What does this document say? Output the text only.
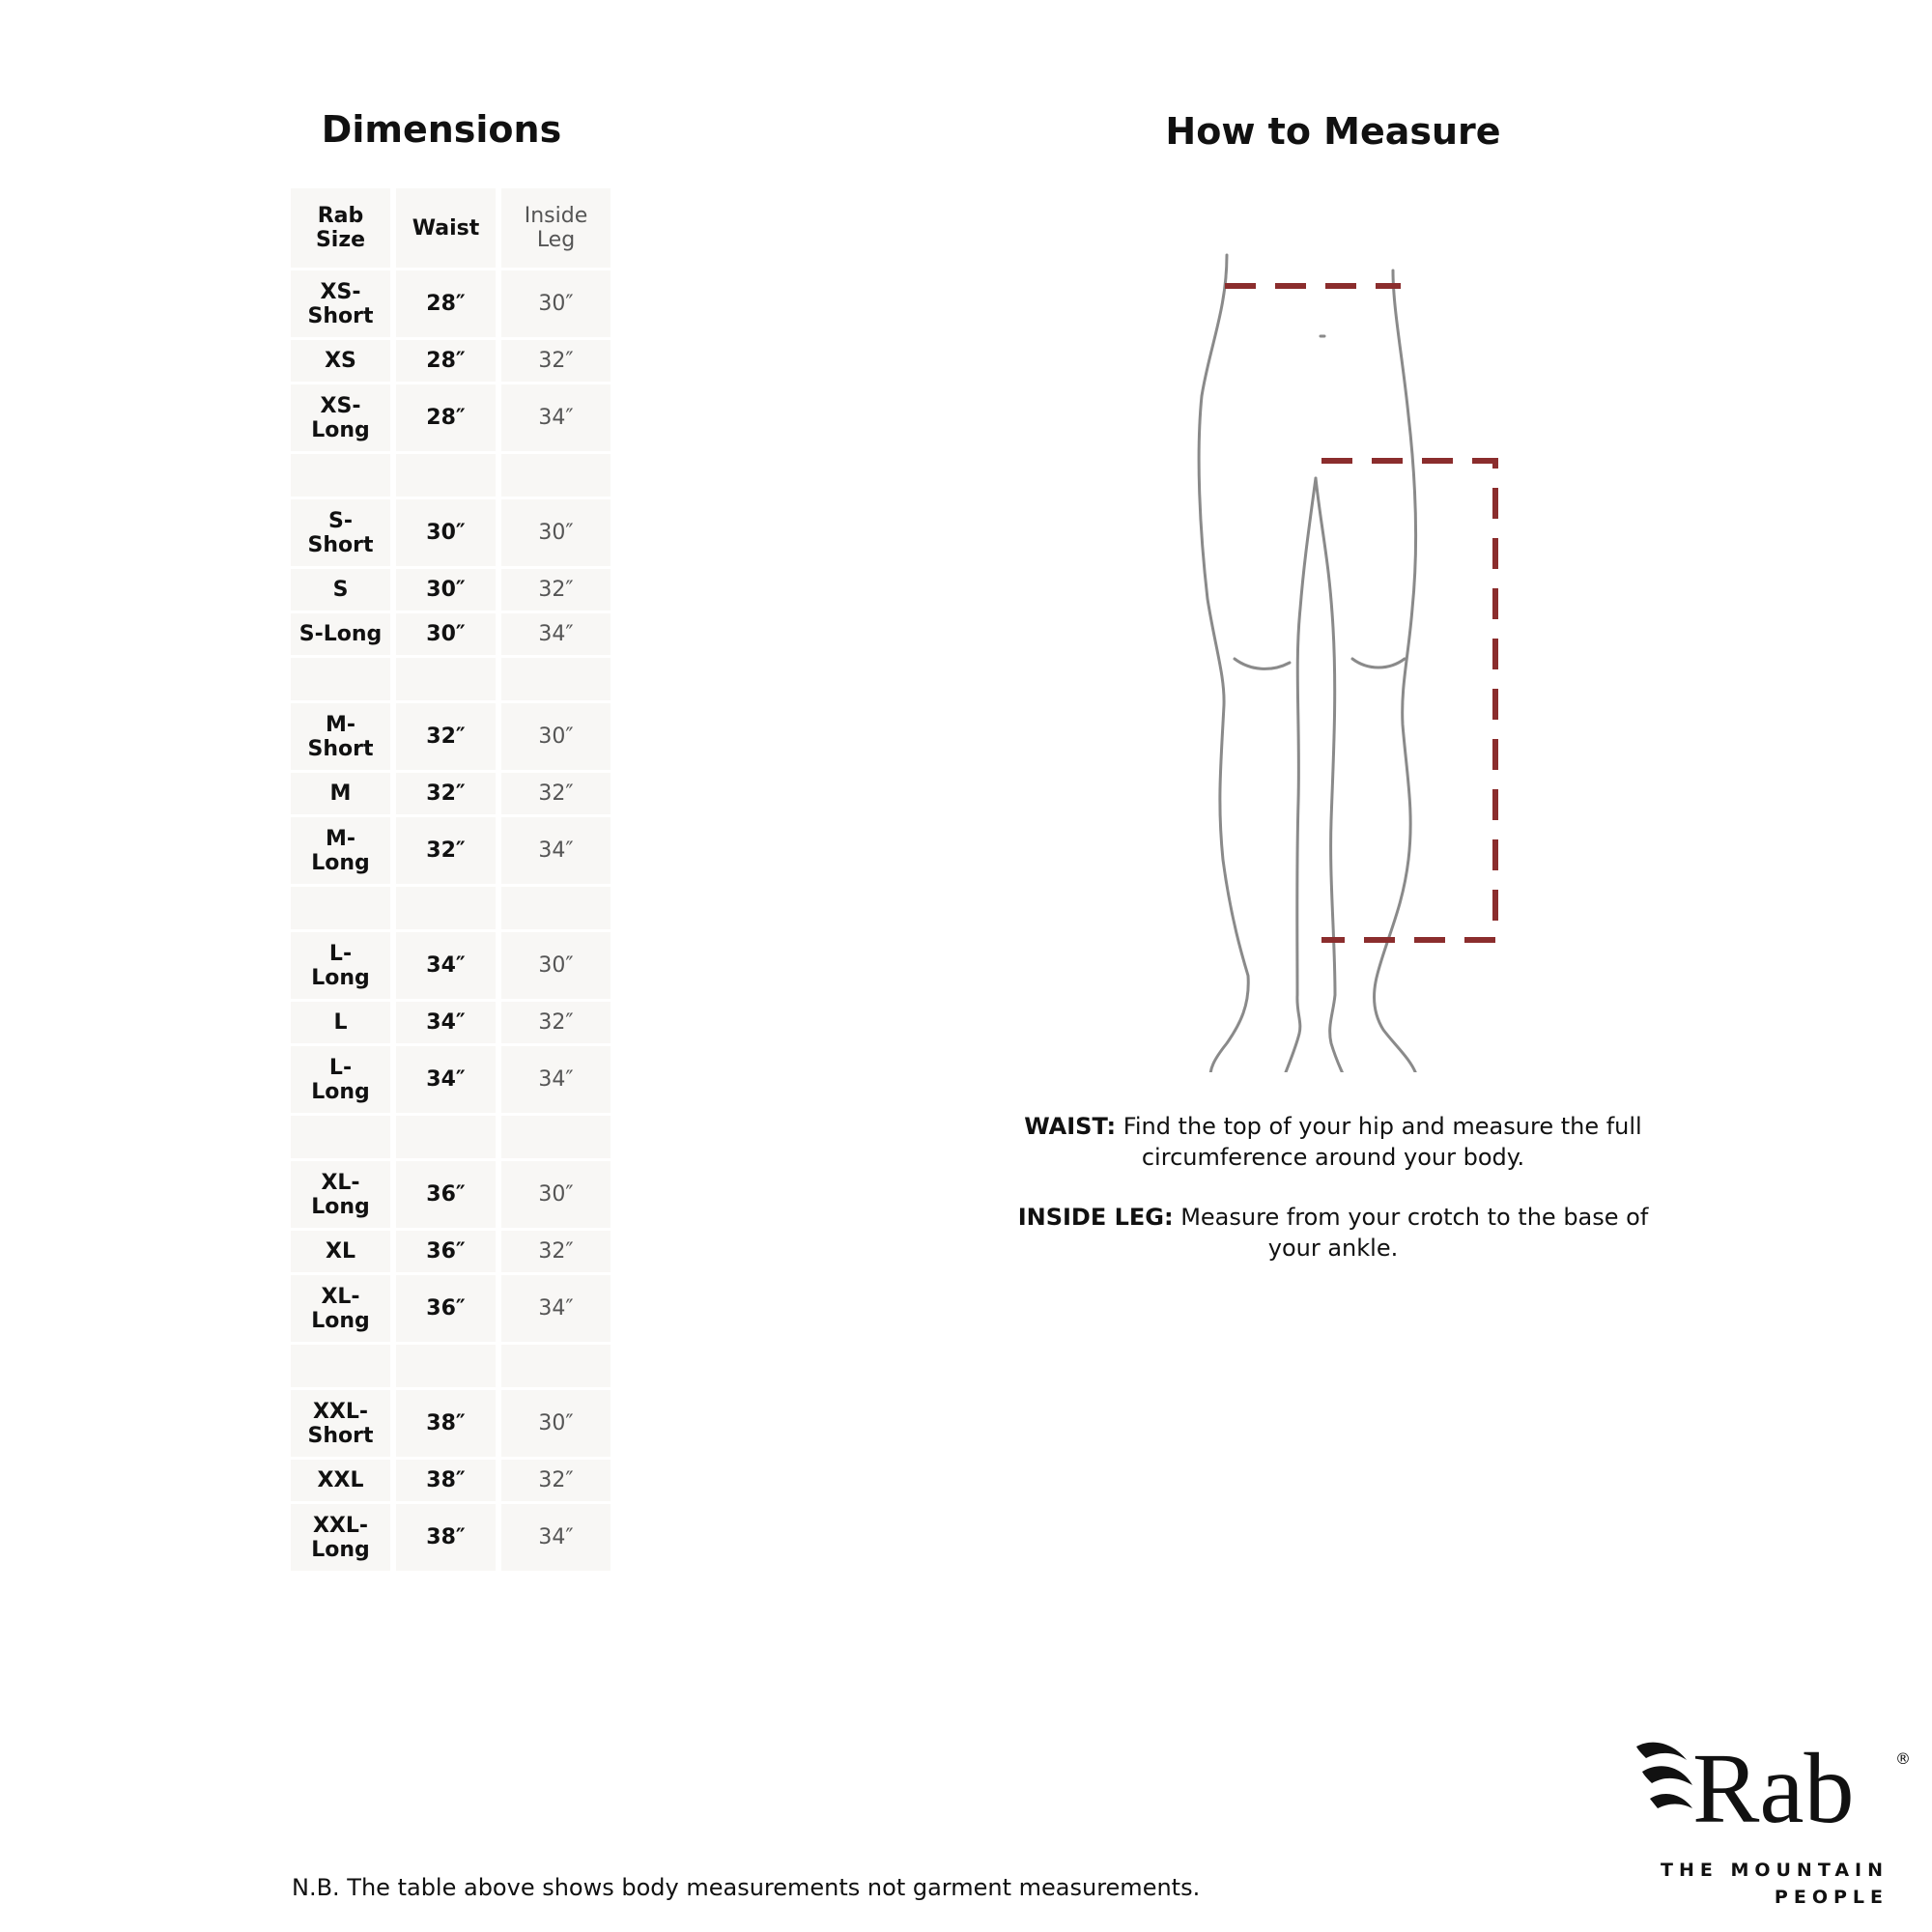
Dimensions	How to Measure
Rab
Size	Waist	Inside
Leg
XS-
Short	28″	30″
XS	28″	32″
XS-
Long	28″	34″

S-
Short	30″	30″
S	30″	32″
S-Long	30″	34″

M-
Short	32″	30″
M	32″	32″
M-
Long	32″	34″

L-
Long	34″	30″
L	34″	32″
L-
Long	34″	34″

XL-
Long	36″	30″
XL	36″	32″
XL-
Long	36″	34″

XXL-
Short	38″	30″
XXL	38″	32″
XXL-
Long	38″	34″

WAIST: Find the top of your hip and measure the full circumference around your body.

INSIDE LEG: Measure from your crotch to the base of your ankle.

N.B. The table above shows body measurements not garment measurements.

Rab	®

THE MOUNTAIN PEOPLE
